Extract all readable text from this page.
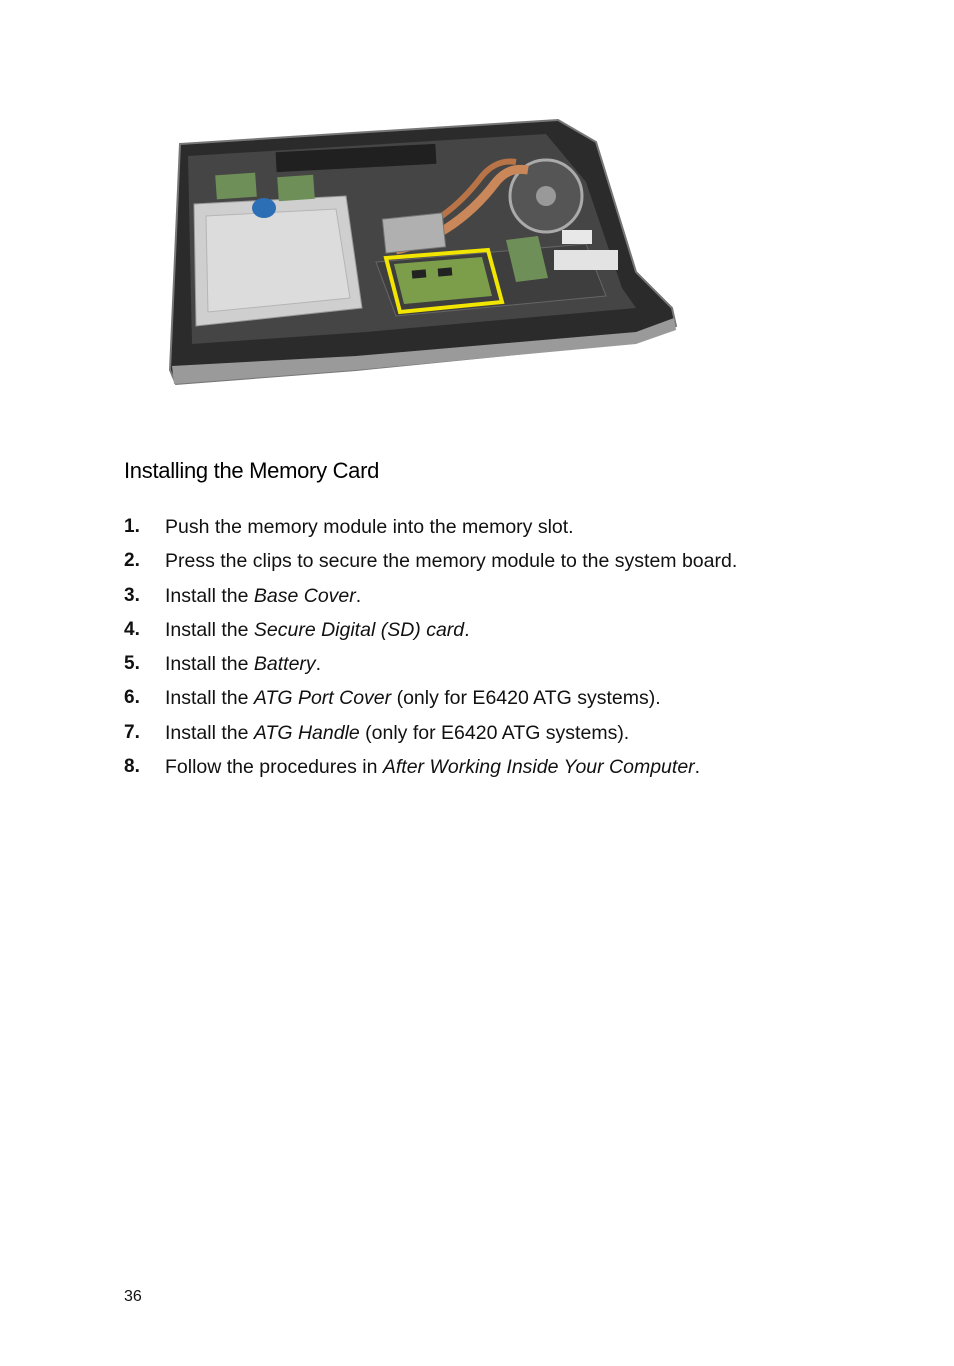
Installing the Memory Card
1.	Push the memory module into the memory slot.
2.	Press the clips to secure the memory module to the system board.
3.	Install the Base Cover.
4.	Install the Secure Digital (SD) card.
5.	Install the Battery.
6.	Install the ATG Port Cover (only for E6420 ATG systems).
7.	Install the ATG Handle (only for E6420 ATG systems).
8.	Follow the procedures in After Working Inside Your Computer.
36
